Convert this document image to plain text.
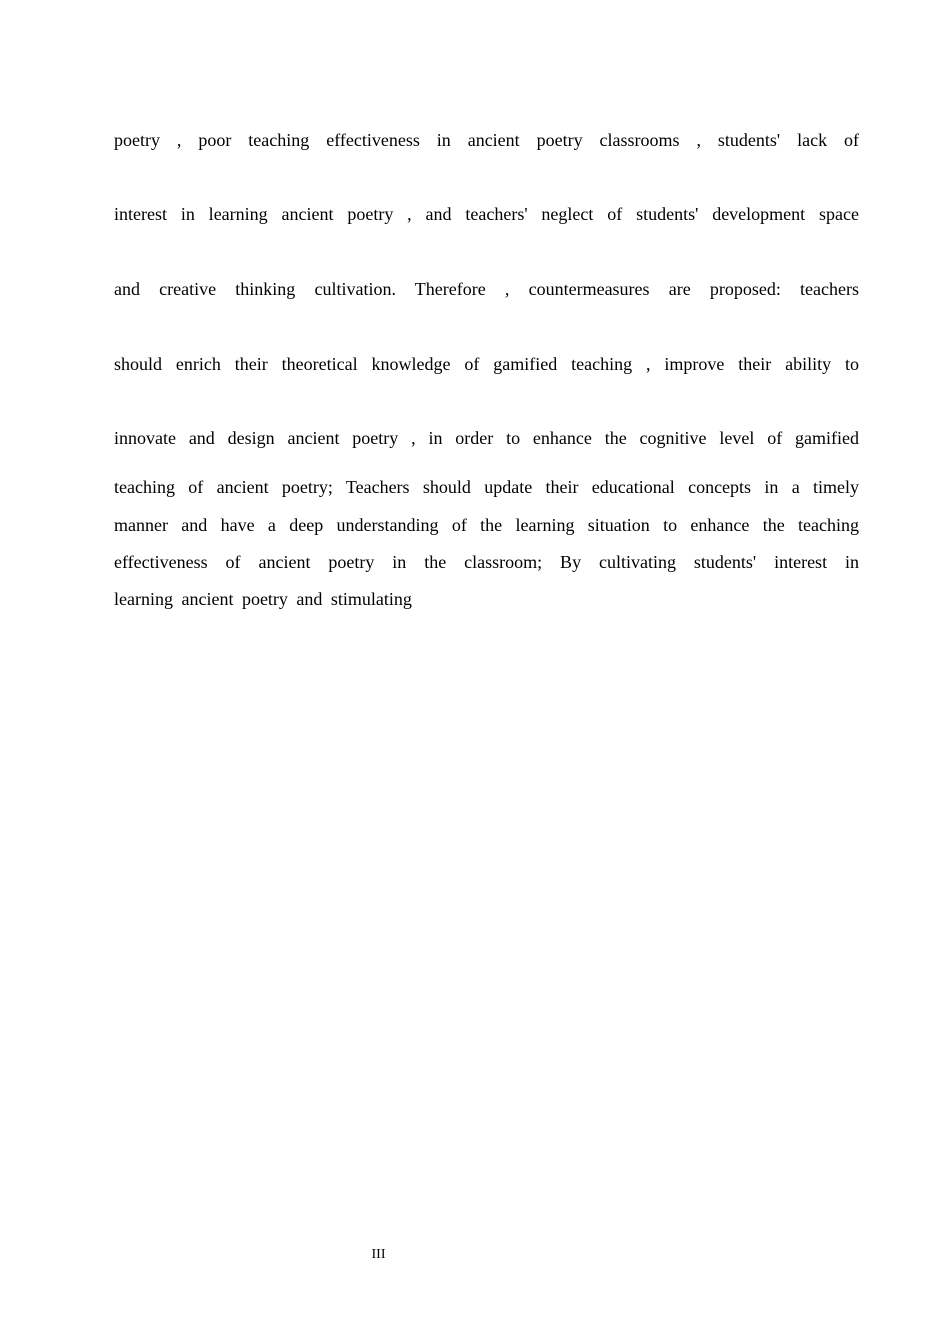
poetry , poor teaching effectiveness in ancient poetry classrooms , students' lack of
interest in learning ancient poetry , and teachers' neglect of students' development space
and creative thinking cultivation. Therefore , countermeasures are proposed: teachers
should enrich their theoretical knowledge of gamified teaching , improve their ability to
innovate and design ancient poetry , in order to enhance the cognitive level of gamified
teaching of ancient poetry; Teachers should update their educational concepts in a timely
manner and have a deep understanding of the learning situation to enhance the teaching
effectiveness of ancient poetry in the classroom; By cultivating students' interest in
learning ancient poetry and stimulating
III
